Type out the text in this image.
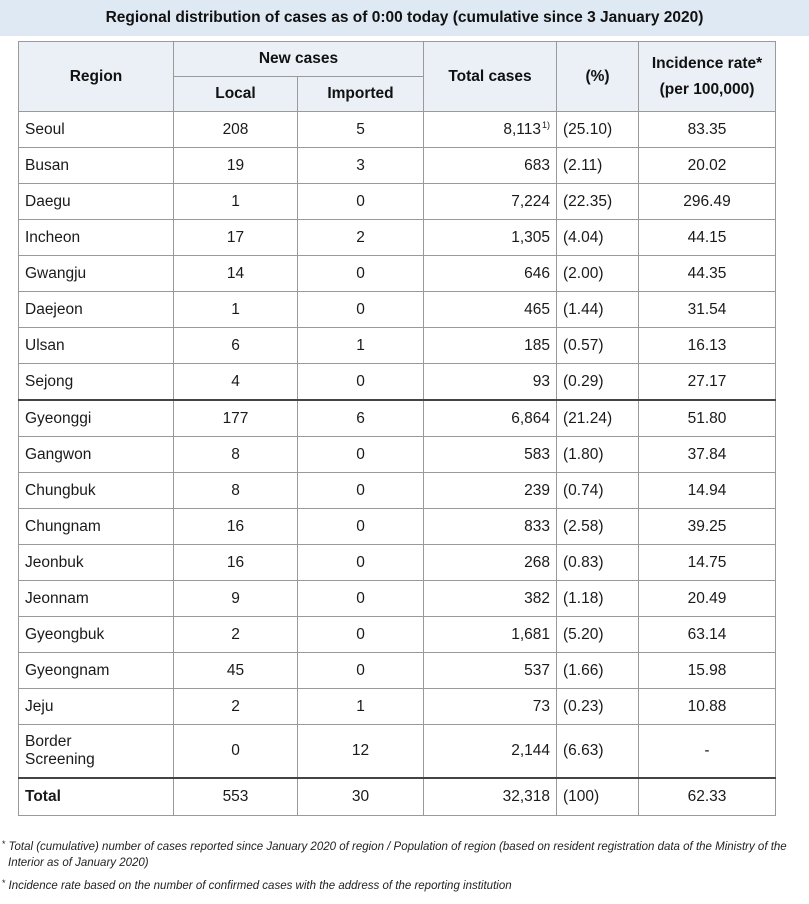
Regional distribution of cases as of 0:00 today (cumulative since 3 January 2020)
Region	New cases		Total cases	(%)	Incidence rate*
(per 100,000)

	Local	Imported			
Seoul	208	5	8,113$^{1)}$	(25.10)	83.35
Busan	19	3	683	(2.11)	20.02
Daegu	1	0	7,224	(22.35)	296.49
Incheon	17	2	1,305	(4.04)	44.15
Gwangju	14	0	646	(2.00)	44.35
Daejeon	1	0	465	(1.44)	31.54
Ulsan	6	1	185	(0.57)	16.13
Sejong	4	0	93	(0.29)	27.17
Gyeonggi	177	6	6,864	(21.24)	51.80
Gangwon	8	0	583	(1.80)	37.84
Chungbuk	8	0	239	(0.74)	14.94
Chungnam	16	0	833	(2.58)	39.25
Jeonbuk	16	0	268	(0.83)	14.75
Jeonnam	9	0	382	(1.18)	20.49
Gyeongbuk	2	0	1,681	(5.20)	63.14
Gyeongnam	45	0	537	(1.66)	15.98
Jeju	2	1	73	(0.23)	10.88

Border
Screening	0	12	2,144	(6.63)	-
Total	553	30	32,318	(100)	62.33
* Total (cumulative) number of cases reported since January 2020 of region / Population of region (based on resident registration data of the Ministry of the Interior as of January 2020)
* Incidence rate based on the number of confirmed cases with the address of the reporting institution
